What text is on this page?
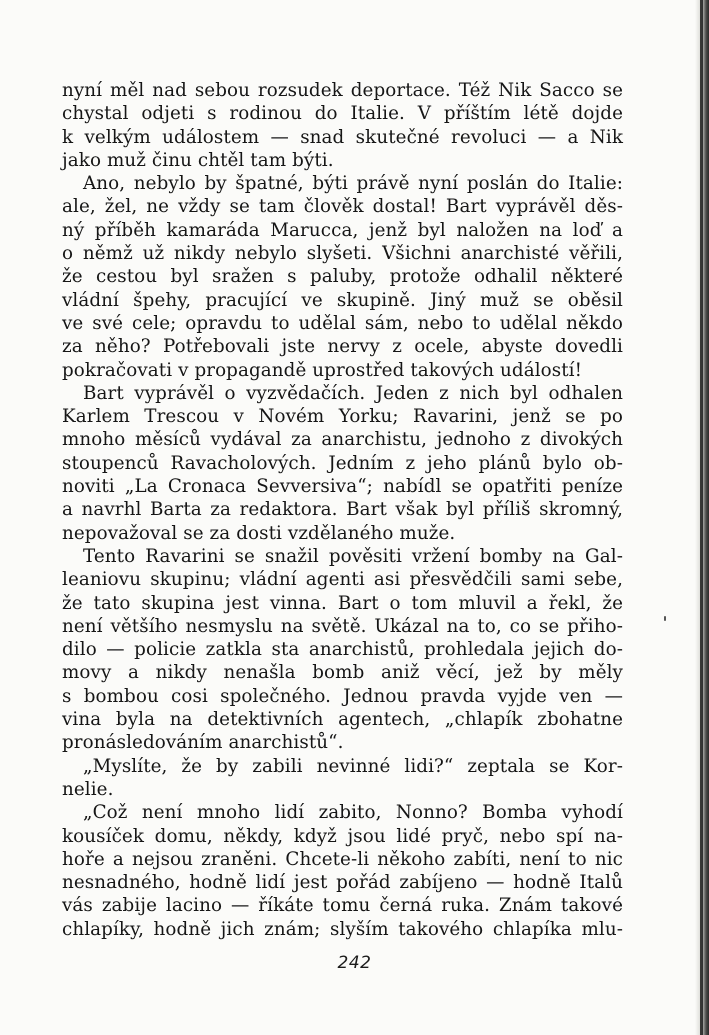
nyní měl nad sebou rozsudek deportace. Též Nik Sacco se
chystal odjeti s rodinou do Italie. V příštím létě dojde
k velkým událostem — snad skutečné revoluci — a Nik
jako muž činu chtěl tam býti.
Ano, nebylo by špatné, býti právě nyní poslán do Italie:
ale, žel, ne vždy se tam člověk dostal! Bart vyprávěl děs-
ný příběh kamaráda Marucca, jenž byl naložen na loď a
o němž už nikdy nebylo slyšeti. Všichni anarchisté věřili,
že cestou byl sražen s paluby, protože odhalil některé
vládní špehy, pracující ve skupině. Jiný muž se oběsil
ve své cele; opravdu to udělal sám, nebo to udělal někdo
za něho? Potřebovali jste nervy z ocele, abyste dovedli
pokračovati v propagandě uprostřed takových událostí!
Bart vyprávěl o vyzvědačích. Jeden z nich byl odhalen
Karlem Trescou v Novém Yorku; Ravarini, jenž se po
mnoho měsíců vydával za anarchistu, jednoho z divokých
stoupenců Ravacholových. Jedním z jeho plánů bylo ob-
noviti „La Cronaca Sevversiva“; nabídl se opatřiti peníze
a navrhl Barta za redaktora. Bart však byl příliš skromný,
nepovažoval se za dosti vzdělaného muže.
Tento Ravarini se snažil pověsiti vržení bomby na Gal-
leaniovu skupinu; vládní agenti asi přesvědčili sami sebe,
že tato skupina jest vinna. Bart o tom mluvil a řekl, že
není většího nesmyslu na světě. Ukázal na to, co se přiho-
dilo — policie zatkla sta anarchistů, prohledala jejich do-
movy a nikdy nenašla bomb aniž věcí, jež by měly
s bombou cosi společného. Jednou pravda vyjde ven —
vina byla na detektivních agentech, „chlapík zbohatne
pronásledováním anarchistů“.
„Myslíte, že by zabili nevinné lidi?“ zeptala se Kor-
nelie.
„Což není mnoho lidí zabito, Nonno? Bomba vyhodí
kousíček domu, někdy, když jsou lidé pryč, nebo spí na-
hoře a nejsou zraněni. Chcete-li někoho zabíti, není to nic
nesnadného, hodně lidí jest pořád zabíjeno — hodně Italů
vás zabije lacino — říkáte tomu černá ruka. Znám takové
chlapíky, hodně jich znám; slyším takového chlapíka mlu-
242
